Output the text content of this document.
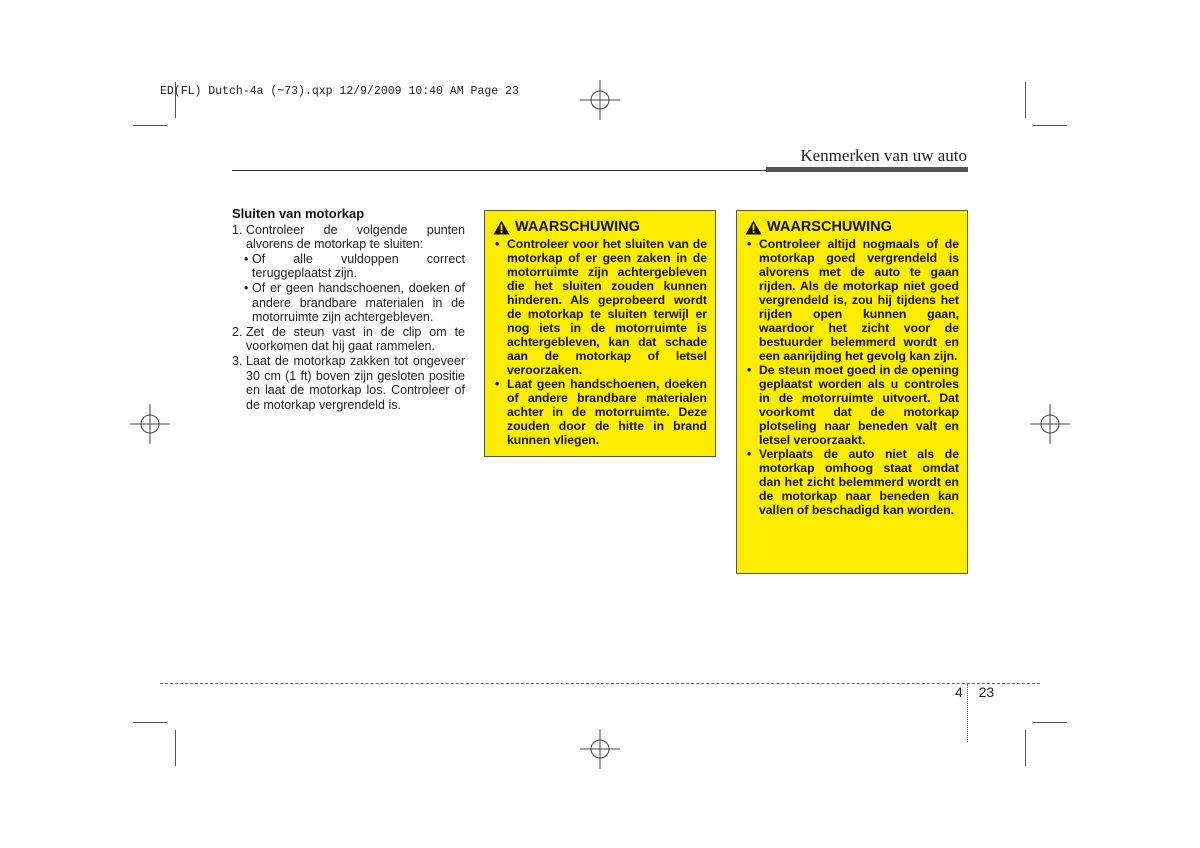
ED(FL) Dutch-4a (~73).qxp 12/9/2009 10:40 AM Page 23
Kenmerken van uw auto
Sluiten van motorkap
1. Controleer de volgende punten alvorens de motorkap te sluiten:
• Of alle vuldoppen correct teruggeplaatst zijn.
• Of er geen handschoenen, doeken of andere brandbare materialen in de motorruimte zijn achtergebleven.
2. Zet de steun vast in de clip om te voorkomen dat hij gaat rammelen.
3. Laat de motorkap zakken tot ongeveer 30 cm (1 ft) boven zijn gesloten positie en laat de motorkap los. Controleer of de motorkap vergrendeld is.
WAARSCHUWING
• Controleer voor het sluiten van de motorkap of er geen zaken in de motorruimte zijn achtergebleven die het sluiten zouden kunnen hinderen. Als geprobeerd wordt de motorkap te sluiten terwijl er nog iets in de motorruimte is achtergebleven, kan dat schade aan de motorkap of letsel veroorzaken.
• Laat geen handschoenen, doeken of andere brandbare materialen achter in de motorruimte. Deze zouden door de hitte in brand kunnen vliegen.
WAARSCHUWING
• Controleer altijd nogmaals of de motorkap goed vergrendeld is alvorens met de auto te gaan rijden. Als de motorkap niet goed vergrendeld is, zou hij tijdens het rijden open kunnen gaan, waardoor het zicht voor de bestuurder belemmerd wordt en een aanrijding het gevolg kan zijn.
• De steun moet goed in de opening geplaatst worden als u controles in de motorruimte uitvoert. Dat voorkomt dat de motorkap plotseling naar beneden valt en letsel veroorzaakt.
• Verplaats de auto niet als de motorkap omhoog staat omdat dan het zicht belemmerd wordt en de motorkap naar beneden kan vallen of beschadigd kan worden.
4 23
